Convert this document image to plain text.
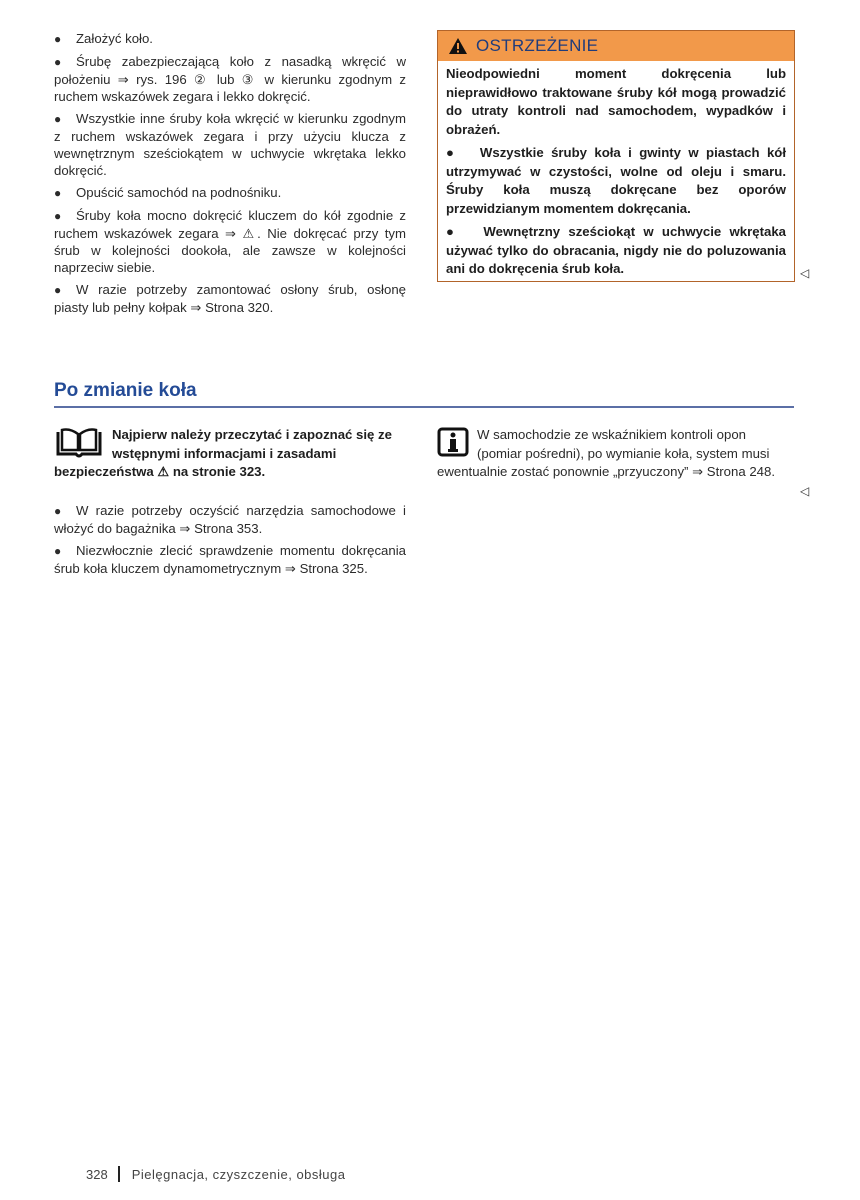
● Założyć koło.
● Śrubę zabezpieczającą koło z nasadką wkręcić w położeniu ⇒ rys. 196 ② lub ③ w kierunku zgodnym z ruchem wskazówek zegara i lekko dokręcić.
● Wszystkie inne śruby koła wkręcić w kierunku zgodnym z ruchem wskazówek zegara i przy użyciu klucza z wewnętrznym sześciokątem w uchwycie wkrętaka lekko dokręcić.
● Opuścić samochód na podnośniku.
● Śruby koła mocno dokręcić kluczem do kół zgodnie z ruchem wskazówek zegara ⇒ ⚠. Nie dokręcać przy tym śrub w kolejności dookoła, ale zawsze w kolejności naprzeciw siebie.
● W razie potrzeby zamontować osłony śrub, osłonę piasty lub pełny kołpak ⇒ Strona 320.
OSTRZEŻENIE

Nieodpowiedni moment dokręcenia lub nieprawidłowo traktowane śruby kół mogą prowadzić do utraty kontroli nad samochodem, wypadków i obrażeń.

●   Wszystkie śruby koła i gwinty w piastach kół utrzymywać w czystości, wolne od oleju i smaru. Śruby koła muszą dokręcane bez oporów przewidzianym momentem dokręcania.

●   Wewnętrzny sześciokąt w uchwycie wkrętaka używać tylko do obracania, nigdy nie do poluzowania ani do dokręcenia śrub koła.	◁
Po zmianie koła
Najpierw należy przeczytać i zapoznać się ze wstępnymi informacjami i zasadami bezpieczeństwa ⚠ na stronie 323.
● W razie potrzeby oczyścić narzędzia samochodowe i włożyć do bagażnika ⇒ Strona 353.
● Niezwłocznie zlecić sprawdzenie momentu dokręcania śrub koła kluczem dynamometrycznym ⇒ Strona 325.
W samochodzie ze wskaźnikiem kontroli opon (pomiar pośredni), po wymianie koła, system musi ewentualnie zostać ponownie „przyuczony” ⇒ Strona 248.
◁
328 Pielęgnacja, czyszczenie, obsługa
